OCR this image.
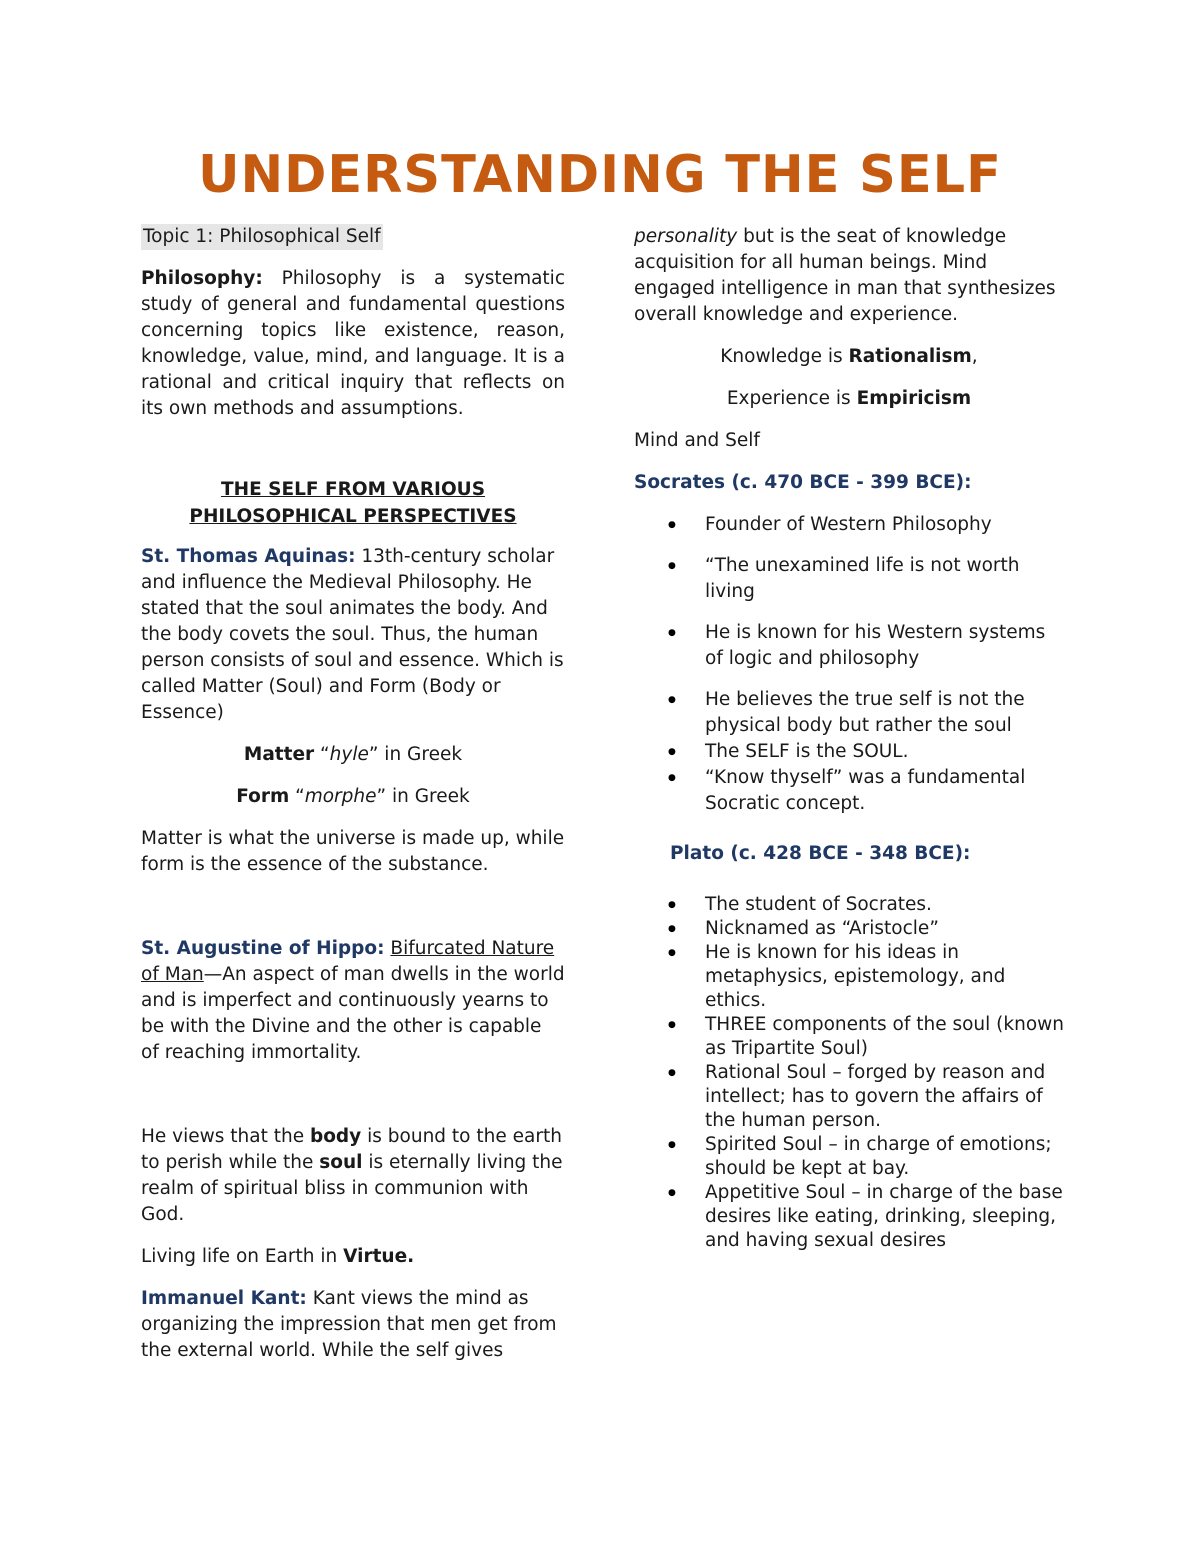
UNDERSTANDING THE SELF

Topic 1: Philosophical Self

Philosophy: Philosophy is a systematic study of general and fundamental questions concerning topics like existence, reason, knowledge, value, mind, and language. It is a rational and critical inquiry that reflects on its own methods and assumptions.

THE SELF FROM VARIOUS PHILOSOPHICAL PERSPECTIVES

St. Thomas Aquinas: 13th-century scholar and influence the Medieval Philosophy. He stated that the soul animates the body. And the body covets the soul. Thus, the human person consists of soul and essence. Which is called Matter (Soul) and Form (Body or Essence)

Matter “hyle” in Greek

Form “morphe” in Greek

Matter is what the universe is made up, while form is the essence of the substance.

St. Augustine of Hippo: Bifurcated Nature of Man—An aspect of man dwells in the world and is imperfect and continuously yearns to be with the Divine and the other is capable of reaching immortality.

He views that the body is bound to the earth to perish while the soul is eternally living the realm of spiritual bliss in communion with God.

Living life on Earth in Virtue.

Immanuel Kant: Kant views the mind as organizing the impression that men get from the external world. While the self gives

personality but is the seat of knowledge acquisition for all human beings. Mind engaged intelligence in man that synthesizes overall knowledge and experience.

Knowledge is Rationalism,

Experience is Empiricism

Mind and Self

Socrates (c. 470 BCE - 399 BCE):

● Founder of Western Philosophy
● “The unexamined life is not worth living
● He is known for his Western systems of logic and philosophy
● He believes the true self is not the physical body but rather the soul
● The SELF is the SOUL.
● “Know thyself” was a fundamental Socratic concept.

Plato (c. 428 BCE - 348 BCE):

● The student of Socrates.
● Nicknamed as “Aristocle”
● He is known for his ideas in metaphysics, epistemology, and ethics.
● THREE components of the soul (known as Tripartite Soul)
● Rational Soul – forged by reason and intellect; has to govern the affairs of the human person.
● Spirited Soul – in charge of emotions; should be kept at bay.
● Appetitive Soul – in charge of the base desires like eating, drinking, sleeping, and having sexual desires
